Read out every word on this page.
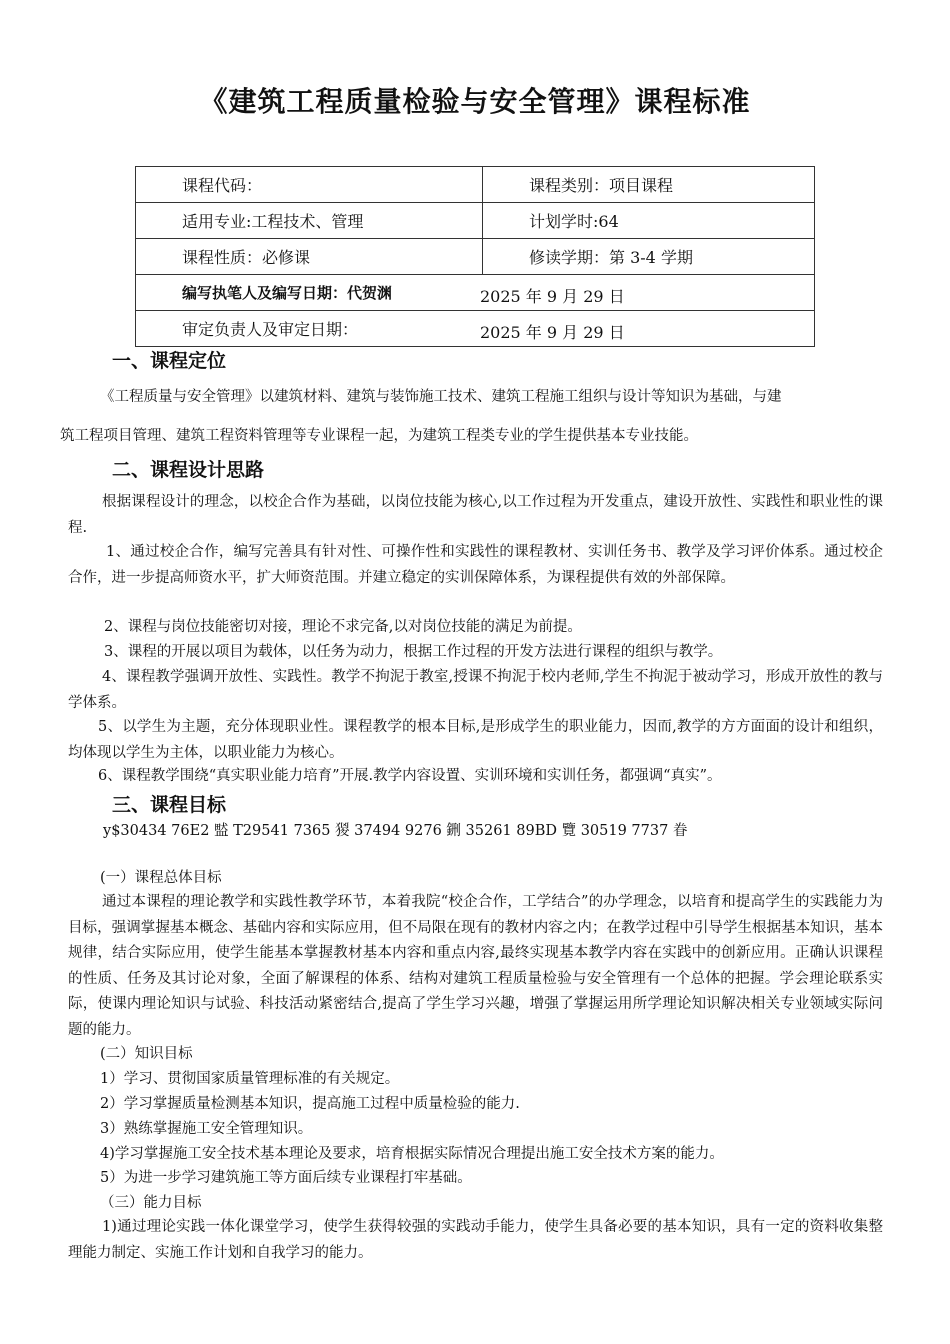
《建筑工程质量检验与安全管理》课程标准
课程代码：	课程类别：项目课程
适用专业:工程技术、管理	计划学时:64
课程性质：必修课	修读学期：第 3-4 学期
编写执笔人及编写日期：代贺渊 2025 年 9 月 29 日	

审定负责人及审定日期： 2025 年 9 月 29 日	
一、课程定位
《工程质量与安全管理》以建筑材料、建筑与装饰施工技术、建筑工程施工组织与设计等知识为基础，与建
筑工程项目管理、建筑工程资料管理等专业课程一起，为建筑工程类专业的学生提供基本专业技能。
二、课程设计思路
根据课程设计的理念，以校企合作为基础，以岗位技能为核心,以工作过程为开发重点，建设开放性、实践性和职业性的课程.
1、通过校企合作，编写完善具有针对性、可操作性和实践性的课程教材、实训任务书、教学及学习评价体系。通过校企合作，进一步提高师资水平，扩大师资范围。并建立稳定的实训保障体系，为课程提供有效的外部保障。
2、课程与岗位技能密切对接，理论不求完备,以对岗位技能的满足为前提。
3、课程的开展以项目为载体，以任务为动力，根据工作过程的开发方法进行课程的组织与教学。
4、课程教学强调开放性、实践性。教学不拘泥于教室,授课不拘泥于校内老师,学生不拘泥于被动学习，形成开放性的教与学体系。
5、以学生为主题，充分体现职业性。课程教学的根本目标,是形成学生的职业能力，因而,教学的方方面面的设计和组织，均体现以学生为主体，以职业能力为核心。
6、课程教学围绕“真实职业能力培育”开展.教学内容设置、实训环境和实训任务，都强调“真实”。
三、课程目标
y$30434 76E2 盢 T29541 7365 猣 37494 9276 鉶 35261 89BD 覽 30519 7737 眷
(一）课程总体目标
通过本课程的理论教学和实践性教学环节，本着我院“校企合作，工学结合”的办学理念，以培育和提高学生的实践能力为目标，强调掌握基本概念、基础内容和实际应用，但不局限在现有的教材内容之内；在教学过程中引导学生根据基本知识，基本规律，结合实际应用，使学生能基本掌握教材基本内容和重点内容,最终实现基本教学内容在实践中的创新应用。正确认识课程的性质、任务及其讨论对象，全面了解课程的体系、结构对建筑工程质量检验与安全管理有一个总体的把握。学会理论联系实际，使课内理论知识与试验、科技活动紧密结合,提高了学生学习兴趣，增强了掌握运用所学理论知识解决相关专业领域实际问题的能力。
(二）知识目标
1）学习、贯彻国家质量管理标准的有关规定。
2）学习掌握质量检测基本知识，提高施工过程中质量检验的能力.
3）熟练掌握施工安全管理知识。
4)学习掌握施工安全技术基本理论及要求，培育根据实际情况合理提出施工安全技术方案的能力。
5）为进一步学习建筑施工等方面后续专业课程打牢基础。
（三）能力目标
1)通过理论实践一体化课堂学习，使学生获得较强的实践动手能力，使学生具备必要的基本知识，具有一定的资料收集整理能力制定、实施工作计划和自我学习的能力。
